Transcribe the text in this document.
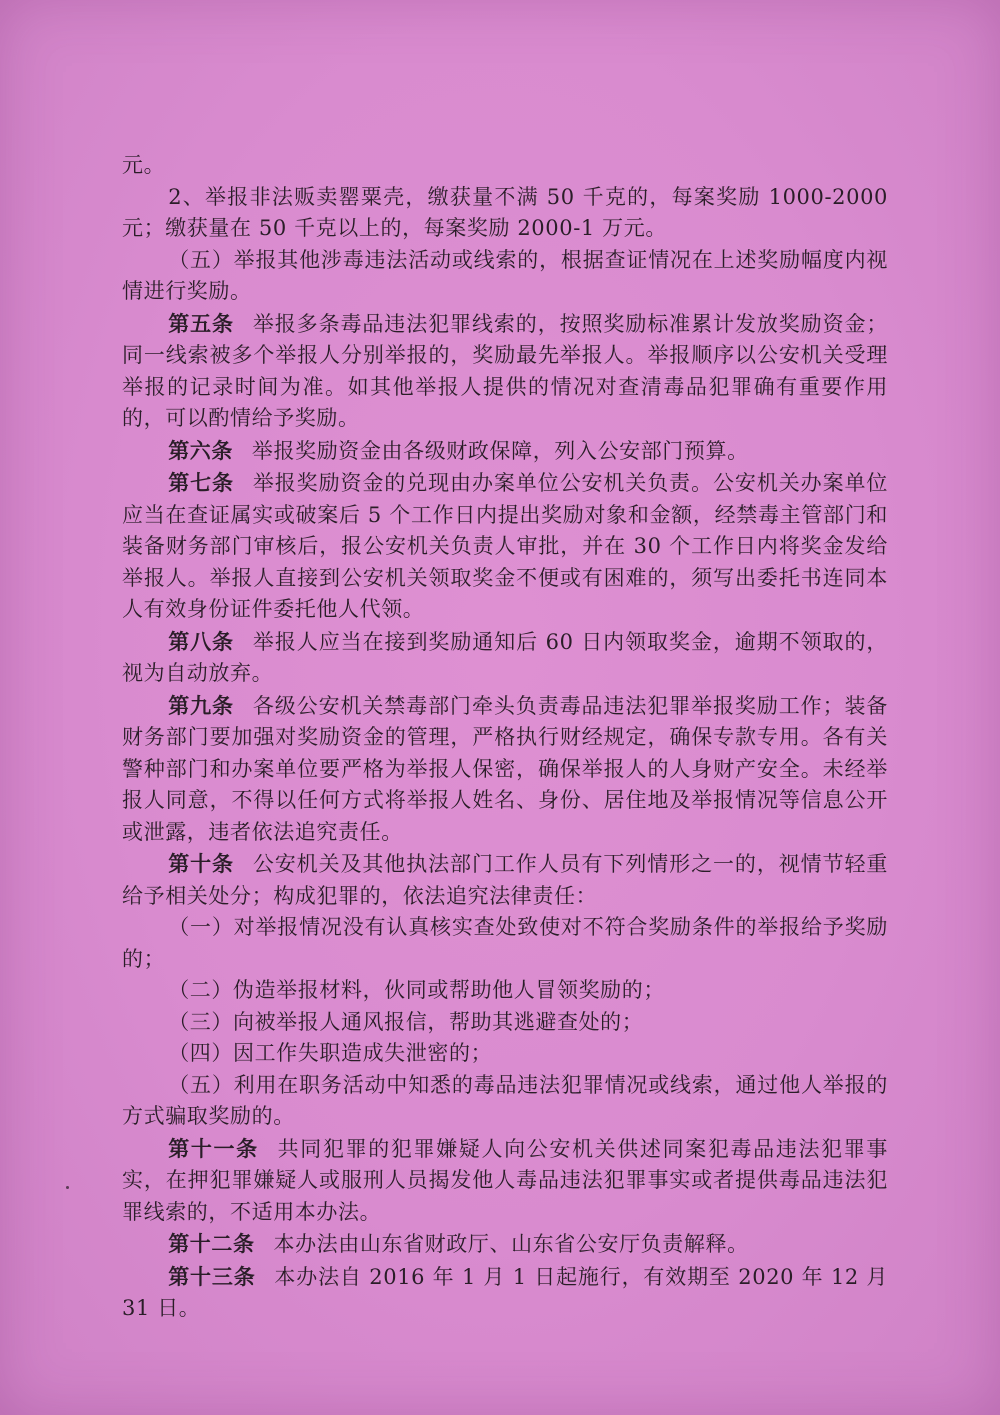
元。

2、举报非法贩卖罂粟壳，缴获量不满 50 千克的，每案奖励 1000-2000 元；缴获量在 50 千克以上的，每案奖励 2000-1 万元。

（五）举报其他涉毒违法活动或线索的，根据查证情况在上述奖励幅度内视情进行奖励。

第五条 举报多条毒品违法犯罪线索的，按照奖励标准累计发放奖励资金；同一线索被多个举报人分别举报的，奖励最先举报人。举报顺序以公安机关受理举报的记录时间为准。如其他举报人提供的情况对查清毒品犯罪确有重要作用的，可以酌情给予奖励。

第六条 举报奖励资金由各级财政保障，列入公安部门预算。

第七条 举报奖励资金的兑现由办案单位公安机关负责。公安机关办案单位应当在查证属实或破案后 5 个工作日内提出奖励对象和金额，经禁毒主管部门和装备财务部门审核后，报公安机关负责人审批，并在 30 个工作日内将奖金发给举报人。举报人直接到公安机关领取奖金不便或有困难的，须写出委托书连同本人有效身份证件委托他人代领。

第八条 举报人应当在接到奖励通知后 60 日内领取奖金，逾期不领取的，视为自动放弃。

第九条 各级公安机关禁毒部门牵头负责毒品违法犯罪举报奖励工作；装备财务部门要加强对奖励资金的管理，严格执行财经规定，确保专款专用。各有关警种部门和办案单位要严格为举报人保密，确保举报人的人身财产安全。未经举报人同意，不得以任何方式将举报人姓名、身份、居住地及举报情况等信息公开或泄露，违者依法追究责任。

第十条 公安机关及其他执法部门工作人员有下列情形之一的，视情节轻重给予相关处分；构成犯罪的，依法追究法律责任：

（一）对举报情况没有认真核实查处致使对不符合奖励条件的举报给予奖励的；

（二）伪造举报材料，伙同或帮助他人冒领奖励的；

（三）向被举报人通风报信，帮助其逃避查处的；

（四）因工作失职造成失泄密的；

（五）利用在职务活动中知悉的毒品违法犯罪情况或线索，通过他人举报的方式骗取奖励的。

第十一条 共同犯罪的犯罪嫌疑人向公安机关供述同案犯毒品违法犯罪事实，在押犯罪嫌疑人或服刑人员揭发他人毒品违法犯罪事实或者提供毒品违法犯罪线索的，不适用本办法。

第十二条 本办法由山东省财政厅、山东省公安厅负责解释。

第十三条 本办法自 2016 年 1 月 1 日起施行，有效期至 2020 年 12 月 31 日。
